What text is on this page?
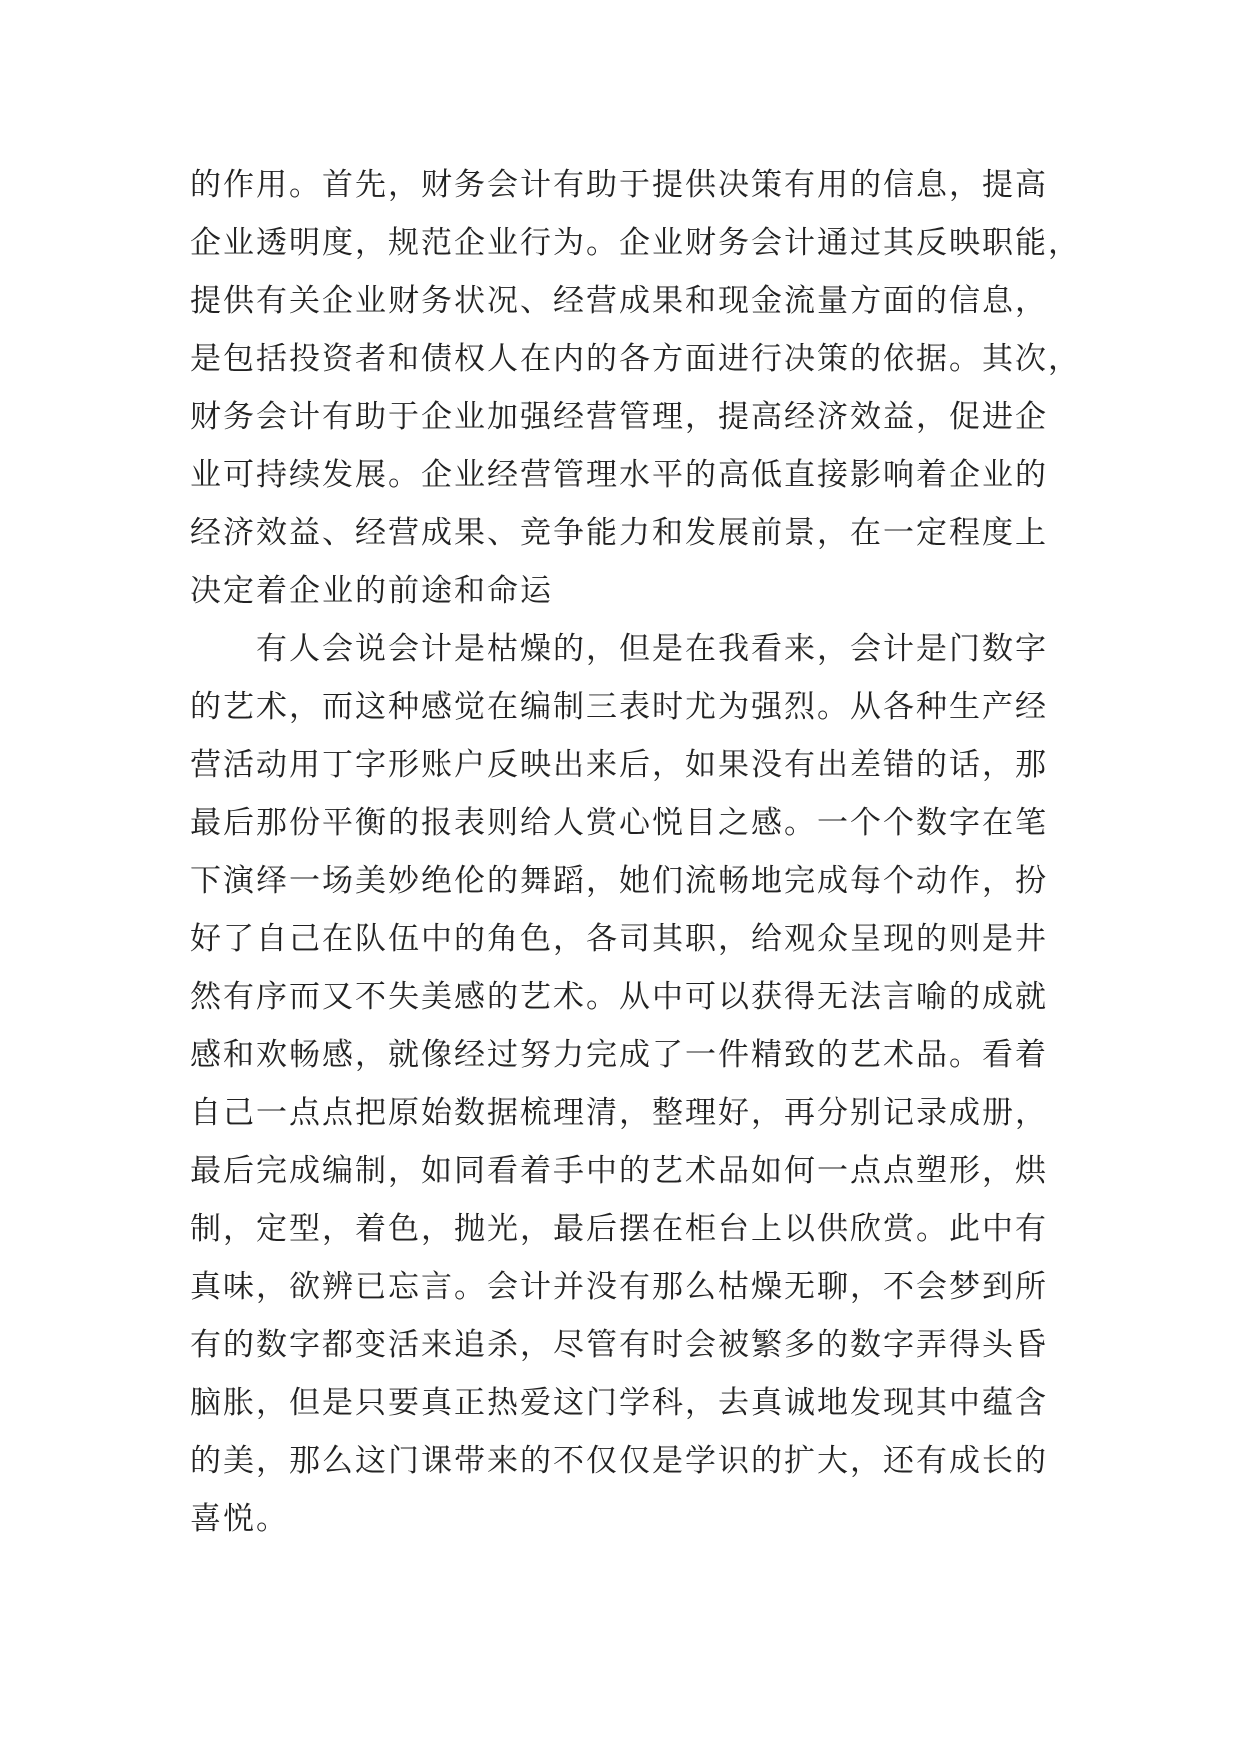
的作用。首先，财务会计有助于提供决策有用的信息，提高
企业透明度，规范企业行为。企业财务会计通过其反映职能，
提供有关企业财务状况、经营成果和现金流量方面的信息，
是包括投资者和债权人在内的各方面进行决策的依据。其次，
财务会计有助于企业加强经营管理，提高经济效益，促进企
业可持续发展。企业经营管理水平的高低直接影响着企业的
经济效益、经营成果、竞争能力和发展前景，在一定程度上
决定着企业的前途和命运
有人会说会计是枯燥的，但是在我看来，会计是门数字
的艺术，而这种感觉在编制三表时尤为强烈。从各种生产经
营活动用丁字形账户反映出来后，如果没有出差错的话，那
最后那份平衡的报表则给人赏心悦目之感。一个个数字在笔
下演绎一场美妙绝伦的舞蹈，她们流畅地完成每个动作，扮
好了自己在队伍中的角色，各司其职，给观众呈现的则是井
然有序而又不失美感的艺术。从中可以获得无法言喻的成就
感和欢畅感，就像经过努力完成了一件精致的艺术品。看着
自己一点点把原始数据梳理清，整理好，再分别记录成册，
最后完成编制，如同看着手中的艺术品如何一点点塑形，烘
制，定型，着色，抛光，最后摆在柜台上以供欣赏。此中有
真味，欲辨已忘言。会计并没有那么枯燥无聊，不会梦到所
有的数字都变活来追杀，尽管有时会被繁多的数字弄得头昏
脑胀，但是只要真正热爱这门学科，去真诚地发现其中蕴含
的美，那么这门课带来的不仅仅是学识的扩大，还有成长的
喜悦。
